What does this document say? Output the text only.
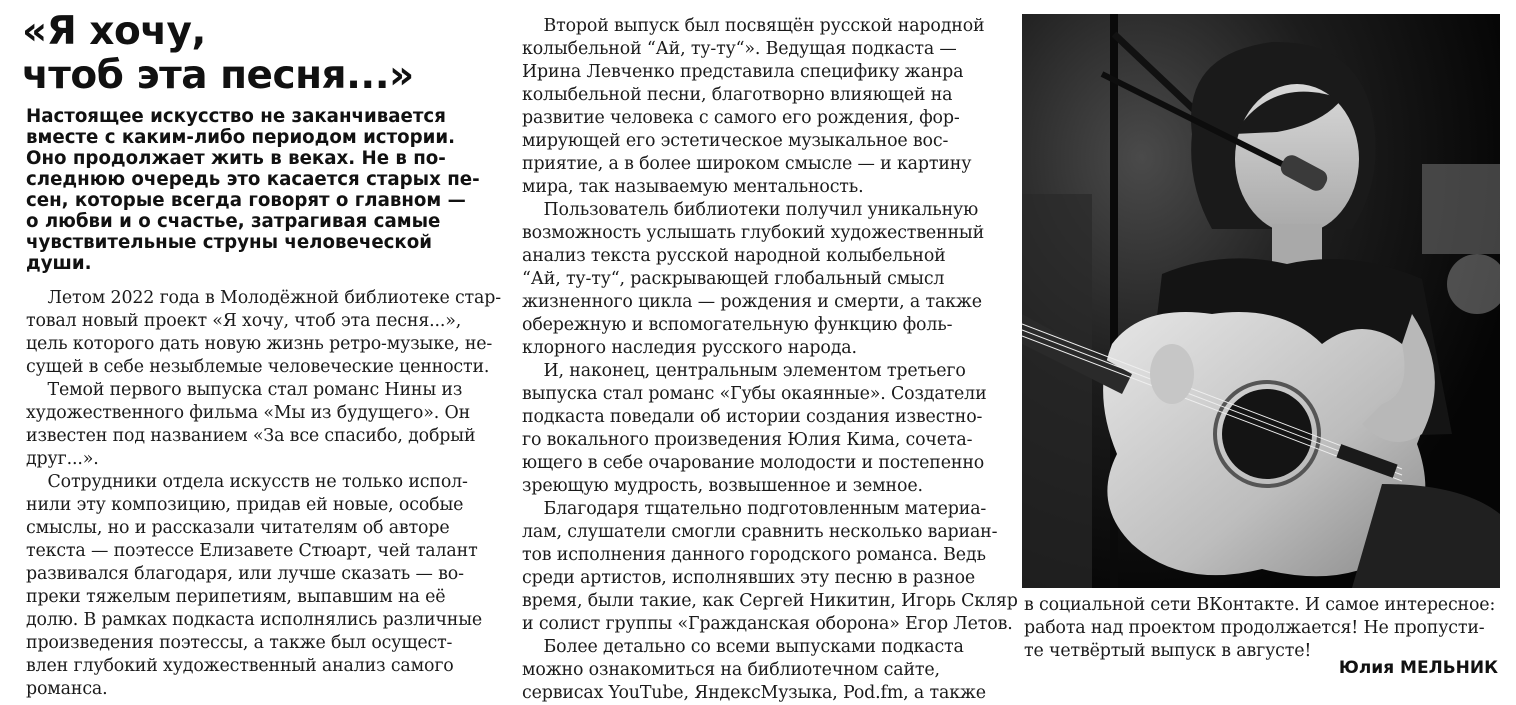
«Я хочу,
чтоб эта песня...»
Настоящее искусство не заканчивается
вместе с каким-либо периодом истории.
Оно продолжает жить в веках. Не в по-
следнюю очередь это касается старых пе-
сен, которые всегда говорят о главном —
о любви и о счастье, затрагивая самые
чувствительные струны человеческой
души.
Летом 2022 года в Молодёжной библиотеке стар-
товал новый проект «Я хочу, чтоб эта песня...»,
цель которого дать новую жизнь ретро-музыке, не-
сущей в себе незыблемые человеческие ценности.
Темой первого выпуска стал романс Нины из
художественного фильма «Мы из будущего». Он
известен под названием «За все спасибо, добрый
друг...».
Сотрудники отдела искусств не только испол-
нили эту композицию, придав ей новые, особые
смыслы, но и рассказали читателям об авторе
текста — поэтессе Елизавете Стюарт, чей талант
развивался благодаря, или лучше сказать — во-
преки тяжелым перипетиям, выпавшим на её
долю. В рамках подкаста исполнялись различные
произведения поэтессы, а также был осущест-
влен глубокий художественный анализ самого
романса.
Второй выпуск был посвящён русской народной
колыбельной “Ай, ту-ту“». Ведущая подкаста —
Ирина Левченко представила специфику жанра
колыбельной песни, благотворно влияющей на
развитие человека с самого его рождения, фор-
мирующей его эстетическое музыкальное вос-
приятие, а в более широком смысле — и картину
мира, так называемую ментальность.
Пользователь библиотеки получил уникальную
возможность услышать глубокий художественный
анализ текста русской народной колыбельной
“Ай, ту-ту“, раскрывающей глобальный смысл
жизненного цикла — рождения и смерти, а также
обережную и вспомогательную функцию фоль-
клорного наследия русского народа.
И, наконец, центральным элементом третьего
выпуска стал романс «Губы окаянные». Создатели
подкаста поведали об истории создания известно-
го вокального произведения Юлия Кима, сочета-
ющего в себе очарование молодости и постепенно
зреющую мудрость, возвышенное и земное.
Благодаря тщательно подготовленным материа-
лам, слушатели смогли сравнить несколько вариан-
тов исполнения данного городского романса. Ведь
среди артистов, исполнявших эту песню в разное
время, были такие, как Сергей Никитин, Игорь Скляр
и солист группы «Гражданская оборона» Егор Летов.
Более детально со всеми выпусками подкаста
можно ознакомиться на библиотечном сайте,
сервисах YouTube, ЯндексМузыка, Pod.fm, а также
в социальной сети ВКонтакте. И самое интересное:
работа над проектом продолжается! Не пропусти-
те четвёртый выпуск в августе!

Юлия МЕЛЬНИК
